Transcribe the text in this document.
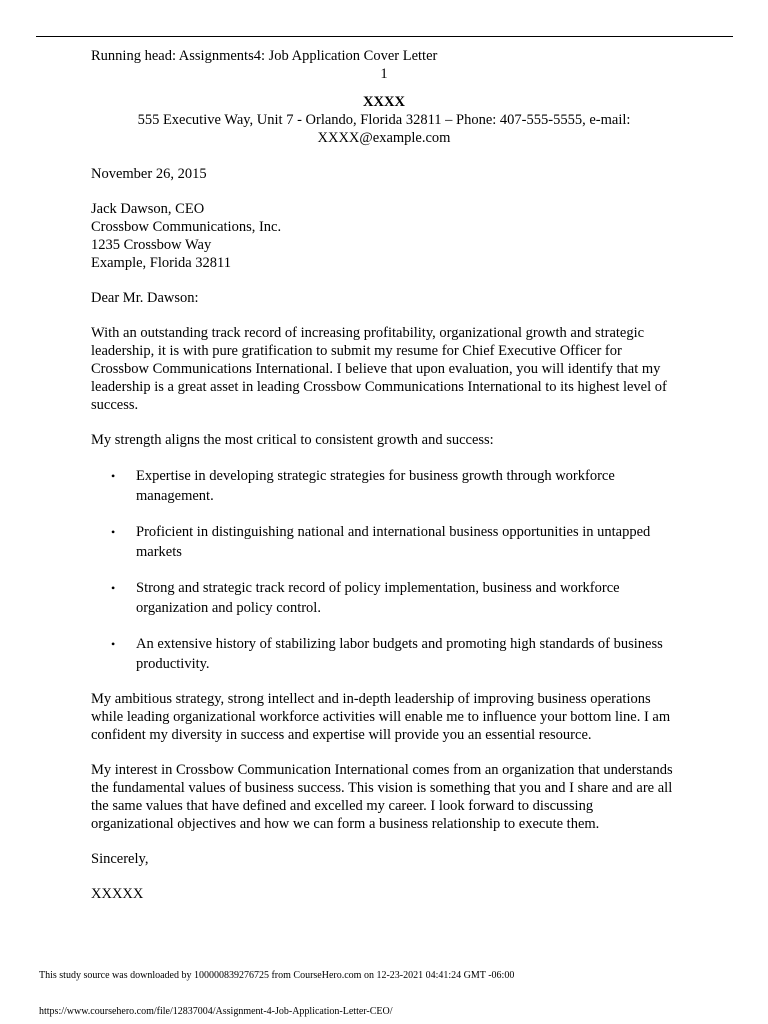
Running head: Assignments4: Job Application Cover Letter

1

XXXX
555 Executive Way, Unit 7 - Orlando, Florida 32811 – Phone: 407-555-5555, e-mail: XXXX@example.com

November 26, 2015

Jack Dawson, CEO
Crossbow Communications, Inc.
1235 Crossbow Way
Example, Florida 32811

Dear Mr. Dawson:

With an outstanding track record of increasing profitability, organizational growth and strategic leadership, it is with pure gratification to submit my resume for Chief Executive Officer for Crossbow Communications International. I believe that upon evaluation, you will identify that my leadership is a great asset in leading Crossbow Communications International to its highest level of success.

My strength aligns the most critical to consistent growth and success:

• Expertise in developing strategic strategies for business growth through workforce management.
• Proficient in distinguishing national and international business opportunities in untapped markets
• Strong and strategic track record of policy implementation, business and workforce organization and policy control.
• An extensive history of stabilizing labor budgets and promoting high standards of business productivity.

My ambitious strategy, strong intellect and in-depth leadership of improving business operations while leading organizational workforce activities will enable me to influence your bottom line. I am confident my diversity in success and expertise will provide you an essential resource.

My interest in Crossbow Communication International comes from an organization that understands the fundamental values of business success. This vision is something that you and I share and are all the same values that have defined and excelled my career. I look forward to discussing organizational objectives and how we can form a business relationship to execute them.

Sincerely,

XXXXX

This study source was downloaded by 100000839276725 from CourseHero.com on 12-23-2021 04:41:24 GMT -06:00
https://www.coursehero.com/file/12837004/Assignment-4-Job-Application-Letter-CEO/
